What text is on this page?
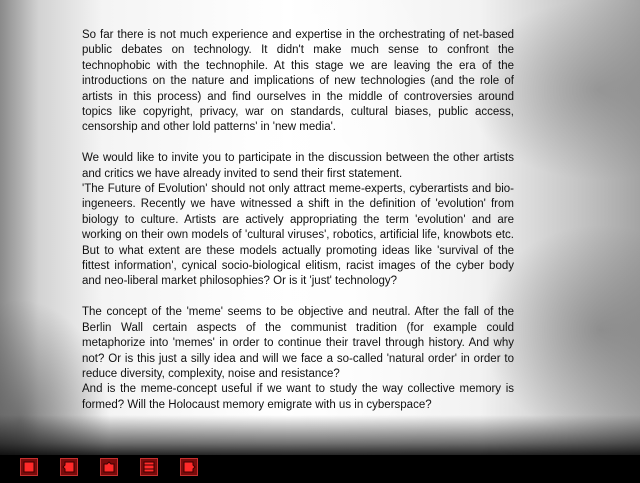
So far there is not much experience and expertise in the orchestrating of net-based public debates on technology. It didn't make much sense to confront the technophobic with the technophile. At this stage we are leaving the era of the introductions on the nature and implications of new technologies (and the role of artists in this process) and find ourselves in the middle of controversies around topics like copyright, privacy, war on standards, cultural biases, public access, censorship and other lold patterns' in 'new media'.

We would like to invite you to participate in the discussion between the other artists and critics we have already invited to send their first statement.

'The Future of Evolution' should not only attract meme-experts, cyberartists and bio-ingeneers. Recently we have witnessed a shift in the definition of 'evolution' from biology to culture. Artists are actively appropriating the term 'evolution' and are working on their own models of 'cultural viruses', robotics, artificial life, knowbots etc. But to what extent are these models actually promoting ideas like 'survival of the fittest information', cynical socio-biological elitism, racist images of the cyber body and neo-liberal market philosophies? Or is it 'just' technology?

The concept of the 'meme' seems to be objective and neutral. After the fall of the Berlin Wall certain aspects of the communist tradition (for example could metaphorize into 'memes' in order to continue their travel through history. And why not? Or is this just a silly idea and will we face a so-called 'natural order' in order to reduce diversity, complexity, noise and resistance?

And is the meme-concept useful if we want to study the way collective memory is formed? Will the Holocaust memory emigrate with us in cyberspace?
